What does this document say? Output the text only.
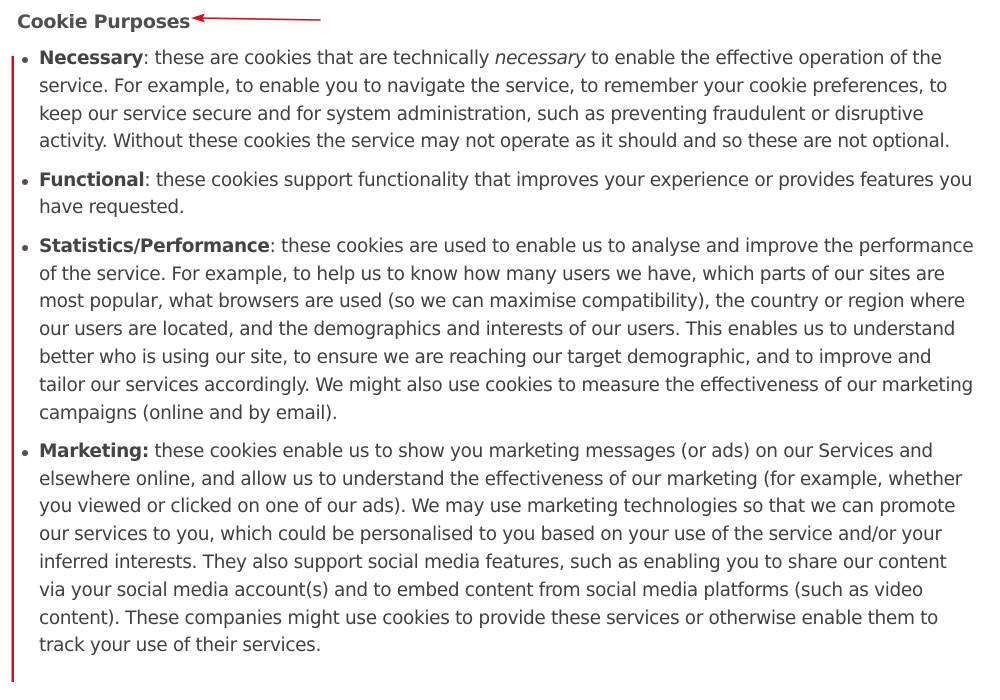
Cookie Purposes
Necessary: these are cookies that are technically necessary to enable the effective operation of the service. For example, to enable you to navigate the service, to remember your cookie preferences, to keep our service secure and for system administration, such as preventing fraudulent or disruptive activity. Without these cookies the service may not operate as it should and so these are not optional.
Functional: these cookies support functionality that improves your experience or provides features you have requested.
Statistics/Performance: these cookies are used to enable us to analyse and improve the performance of the service. For example, to help us to know how many users we have, which parts of our sites are most popular, what browsers are used (so we can maximise compatibility), the country or region where our users are located, and the demographics and interests of our users. This enables us to understand better who is using our site, to ensure we are reaching our target demographic, and to improve and tailor our services accordingly. We might also use cookies to measure the effectiveness of our marketing campaigns (online and by email).
Marketing: these cookies enable us to show you marketing messages (or ads) on our Services and elsewhere online, and allow us to understand the effectiveness of our marketing (for example, whether you viewed or clicked on one of our ads). We may use marketing technologies so that we can promote our services to you, which could be personalised to you based on your use of the service and/or your inferred interests. They also support social media features, such as enabling you to share our content via your social media account(s) and to embed content from social media platforms (such as video content). These companies might use cookies to provide these services or otherwise enable them to track your use of their services.
